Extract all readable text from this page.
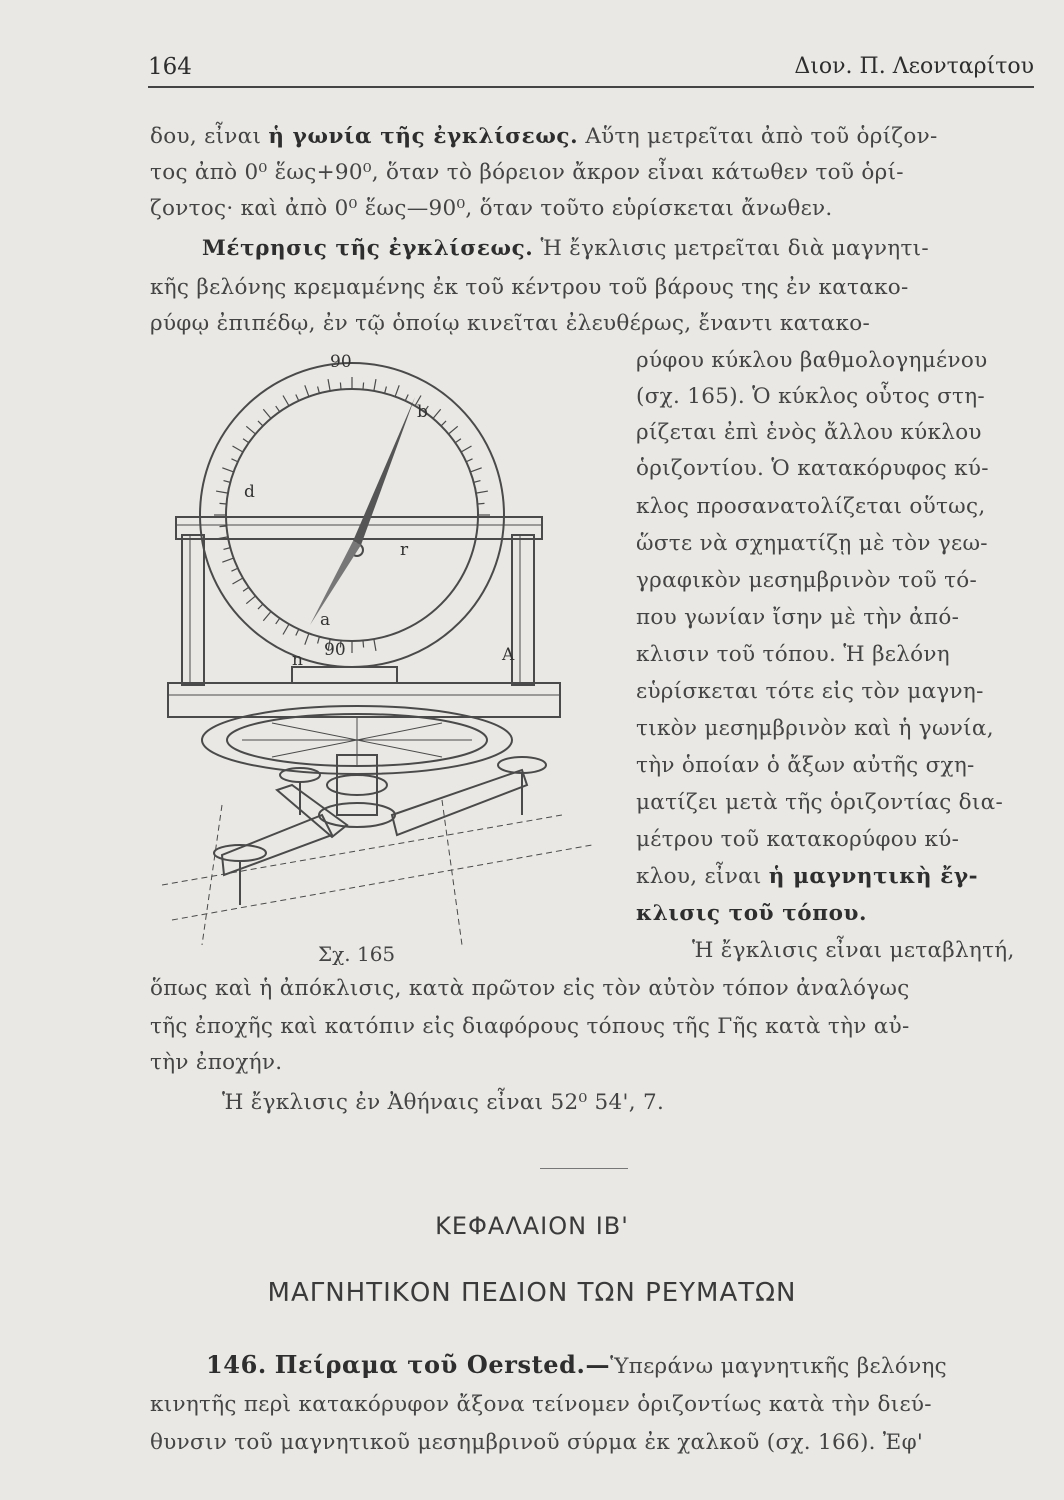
164	Διον. Π. Λεονταρίτου
δου, εἶναι ἡ γωνία τῆς ἐγκλίσεως. Αὕτη μετρεῖται ἀπὸ τοῦ ὁρίζον-
τος ἀπὸ 0⁰ ἕως+90⁰, ὅταν τὸ βόρειον ἄκρον εἶναι κάτωθεν τοῦ ὁρί-
ζοντος· καὶ ἀπὸ 0⁰ ἕως—90⁰, ὅταν τοῦτο εὑρίσκεται ἄνωθεν.
Μέτρησις τῆς ἐγκλίσεως. Ἡ ἔγκλισις μετρεῖται διὰ μαγνητι-
κῆς βελόνης κρεμαμένης ἐκ τοῦ κέντρου τοῦ βάρους της ἐν κατακο-
ρύφῳ ἐπιπέδῳ, ἐν τῷ ὁποίῳ κινεῖται ἐλευθέρως, ἔναντι κατακο-
ρύφου κύκλου βαθμολογημένου
(σχ. 165). Ὁ κύκλος οὗτος στη-
ρίζεται ἐπὶ ἑνὸς ἄλλου κύκλου
ὁριζοντίου. Ὁ κατακόρυφος κύ-
κλος προσανατολίζεται οὕτως,
ὥστε νὰ σχηματίζῃ μὲ τὸν γεω-
γραφικὸν μεσημβρινὸν τοῦ τό-
που γωνίαν ἴσην μὲ τὴν ἀπό-
κλισιν τοῦ τόπου. Ἡ βελόνη
εὑρίσκεται τότε εἰς τὸν μαγνη-
τικὸν μεσημβρινὸν καὶ ἡ γωνία,
τὴν ὁποίαν ὁ ἄξων αὐτῆς σχη-
ματίζει μετὰ τῆς ὁριζοντίας δια-
μέτρου τοῦ κατακορύφου κύ-
κλου, εἶναι ἡ μαγνητικὴ ἔγ-
κλισις τοῦ τόπου.
Ἡ ἔγκλισις εἶναι μεταβλητή,
90
90
b
d
r
a
n	A
Σχ. 165
ὅπως καὶ ἡ ἀπόκλισις, κατὰ πρῶτον εἰς τὸν αὐτὸν τόπον ἀναλόγως
τῆς ἐποχῆς καὶ κατόπιν εἰς διαφόρους τόπους τῆς Γῆς κατὰ τὴν αὐ-
τὴν ἐποχήν.
Ἡ ἔγκλισις ἐν Ἀθήναις εἶναι 52⁰ 54', 7.
ΚΕΦΑΛΑΙΟΝ ΙΒ'
ΜΑΓΝΗΤΙΚΟΝ ΠΕΔΙΟΝ ΤΩΝ ΡΕΥΜΑΤΩΝ
146. Πείραμα τοῦ Oersted.—Ὑπεράνω μαγνητικῆς βελόνης
κινητῆς περὶ κατακόρυφον ἄξονα τείνομεν ὁριζοντίως κατὰ τὴν διεύ-
θυνσιν τοῦ μαγνητικοῦ μεσημβρινοῦ σύρμα ἐκ χαλκοῦ (σχ. 166). Ἐφ'
